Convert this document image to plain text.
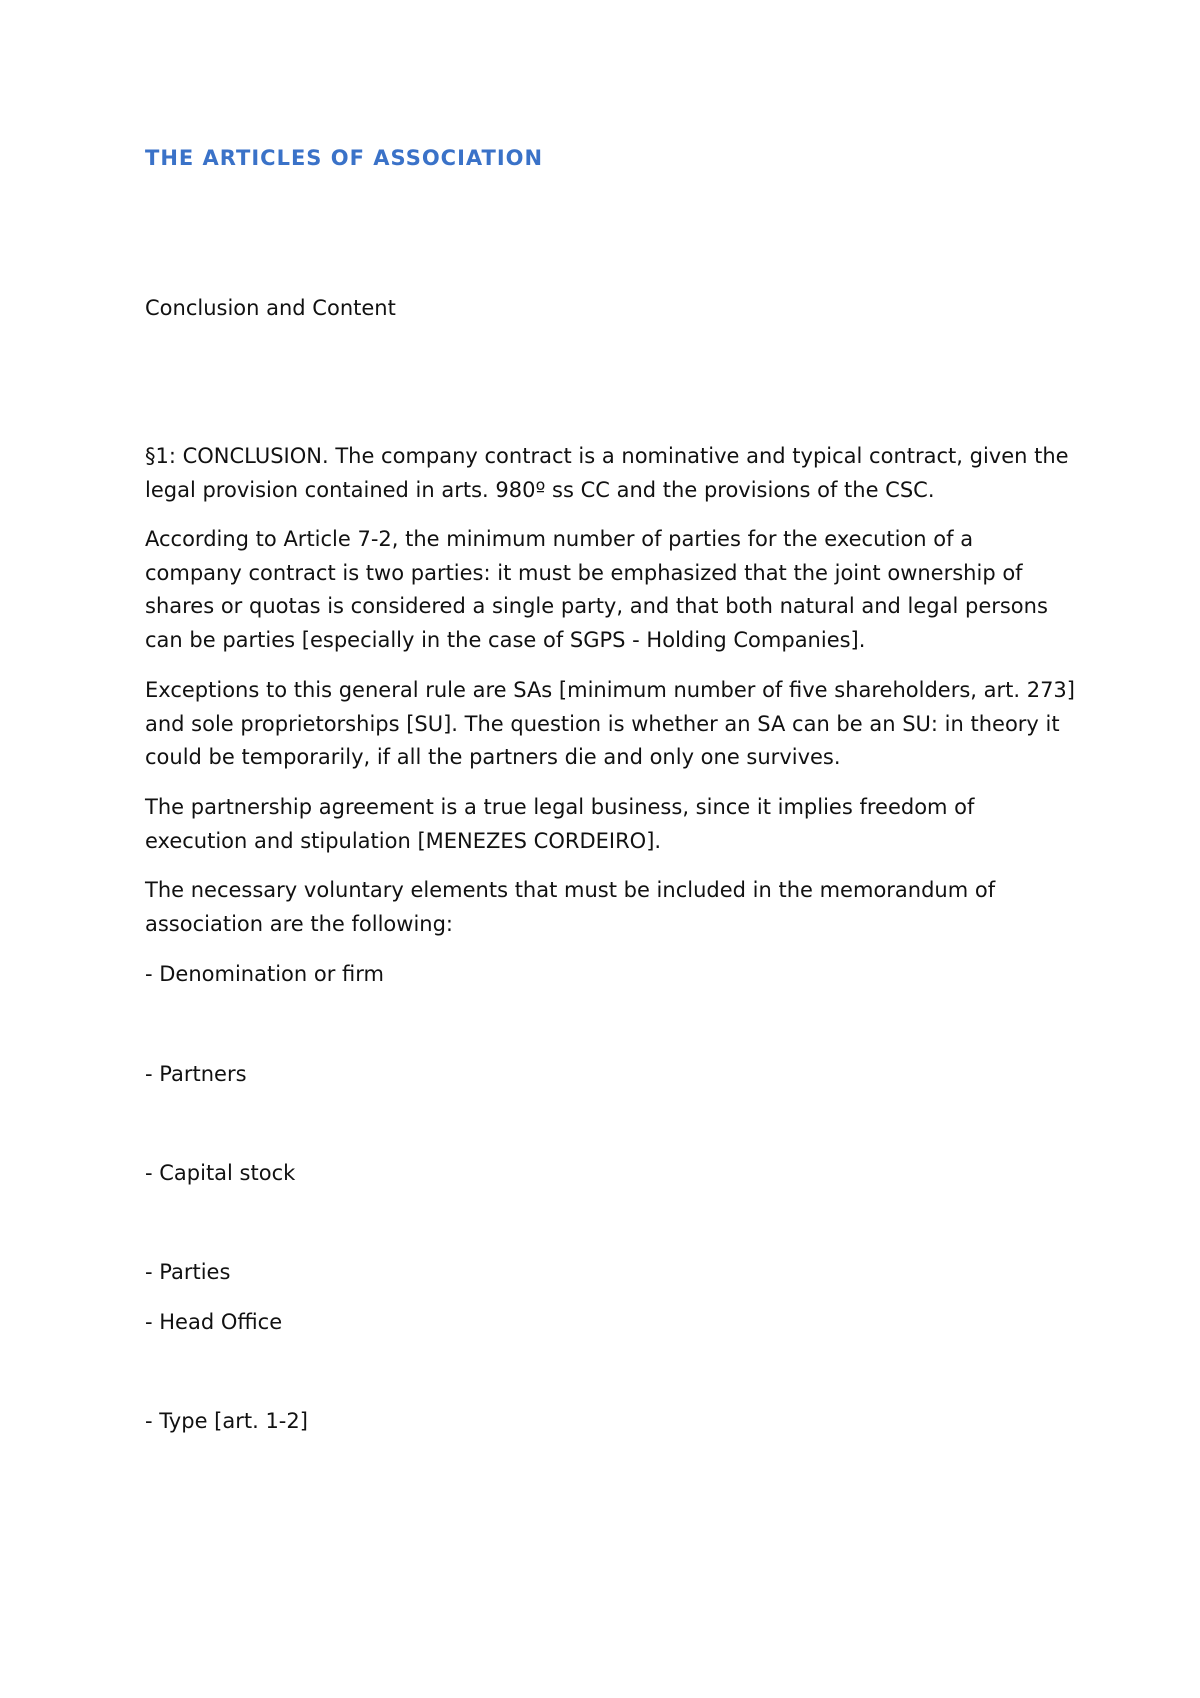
THE ARTICLES OF ASSOCIATION
Conclusion and Content

§1: CONCLUSION. The company contract is a nominative and typical contract, given the legal provision contained in arts. 980º ss CC and the provisions of the CSC.

According to Article 7-2, the minimum number of parties for the execution of a company contract is two parties: it must be emphasized that the joint ownership of shares or quotas is considered a single party, and that both natural and legal persons can be parties [especially in the case of SGPS - Holding Companies].

Exceptions to this general rule are SAs [minimum number of five shareholders, art. 273] and sole proprietorships [SU]. The question is whether an SA can be an SU: in theory it could be temporarily, if all the partners die and only one survives.

The partnership agreement is a true legal business, since it implies freedom of execution and stipulation [MENEZES CORDEIRO].

The necessary voluntary elements that must be included in the memorandum of association are the following:

- Denomination or firm
- Partners
- Capital stock
- Parties
- Head Office
- Type [art. 1-2]
